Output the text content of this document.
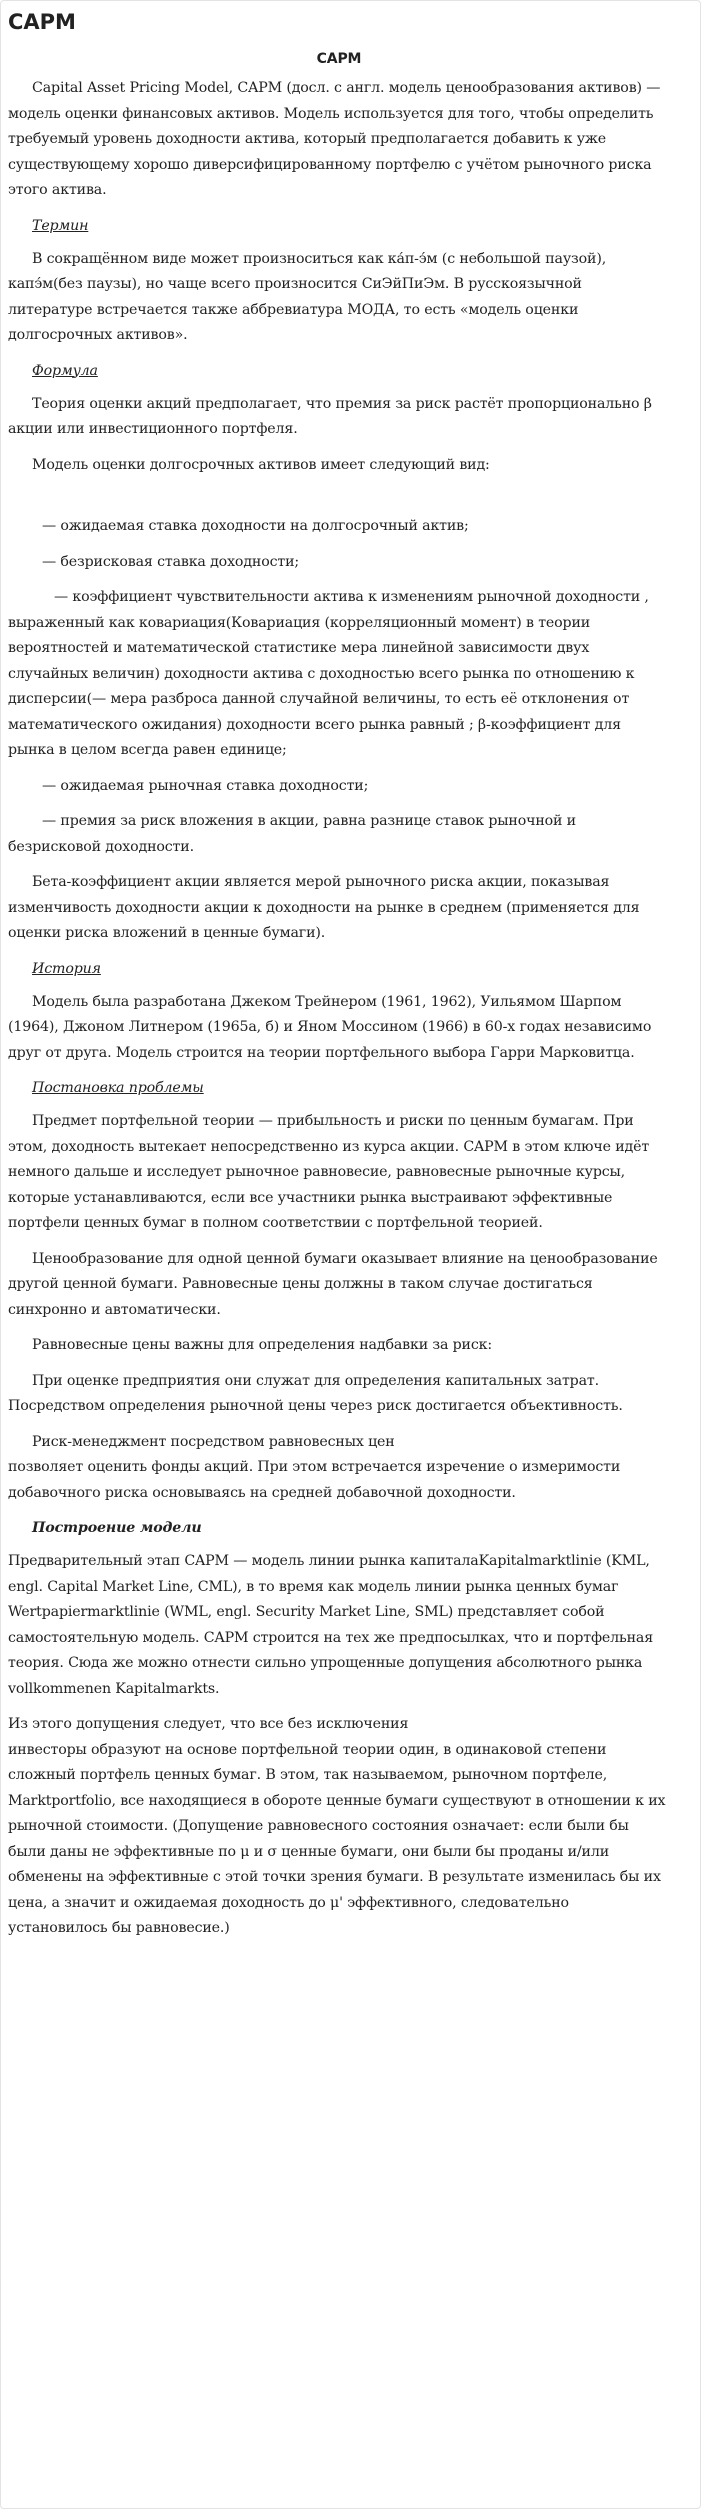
CAPM
CAPM

Capital Asset Pricing Model, CAPM (досл. с англ. модель ценообразования активов) — модель оценки финансовых активов. Модель используется для того, чтобы определить требуемый уровень доходности актива, который предполагается добавить к уже существующему хорошо диверсифицированному портфелю с учётом рыночного риска этого актива.

Термин

В сокращённом виде может произноситься как ка́п-э́м (с небольшой паузой), капэ́м(без паузы), но чаще всего произносится СиЭйПиЭм. В русскоязычной литературе встречается также аббревиатура МОДА, то есть «модель оценки долгосрочных активов».

Формула

Теория оценки акций предполагает, что премия за риск растёт пропорционально β акции или инвестиционного портфеля.

Модель оценки долгосрочных активов имеет следующий вид:

— ожидаемая ставка доходности на долгосрочный актив;

— безрисковая ставка доходности;

— коэффициент чувствительности актива к изменениям рыночной доходности , выраженный как ковариация(Ковариация (корреляционный момент) в теории вероятностей и математической статистике мера линейной зависимости двух случайных величин) доходности актива с доходностью всего рынка по отношению к дисперсии(— мера разброса данной случайной величины, то есть её отклонения от математического ожидания) доходности всего рынка равный ; β-коэффициент для рынка в целом всегда равен единице;

— ожидаемая рыночная ставка доходности;

— премия за риск вложения в акции, равна разнице ставок рыночной и безрисковой доходности.

Бета-коэффициент акции является мерой рыночного риска акции, показывая изменчивость доходности акции к доходности на рынке в среднем (применяется для оценки риска вложений в ценные бумаги).

История

Модель была разработана Джеком Трейнером (1961, 1962), Уильямом Шарпом (1964), Джоном Литнером (1965a, б) и Яном Моссином (1966) в 60-х годах независимо друг от друга. Модель строится на теории портфельного выбора Гарри Марковитца.

Постановка проблемы

Предмет портфельной теории — прибыльность и риски по ценным бумагам. При этом, доходность вытекает непосредственно из курса акции. CAPM в этом ключе идёт немного дальше и исследует рыночное равновесие, равновесные рыночные курсы, которые устанавливаются, если все участники рынка выстраивают эффективные портфели ценных бумаг в полном соответствии с портфельной теорией.

Ценообразование для одной ценной бумаги оказывает влияние на ценообразование другой ценной бумаги. Равновесные цены должны в таком случае достигаться синхронно и автоматически.

Равновесные цены важны для определения надбавки за риск:

При оценке предприятия они служат для определения капитальных затрат. Посредством определения рыночной цены через риск достигается объективность.

Риск-менеджмент посредством равновесных цен

позволяет оценить фонды акций. При этом встречается изречение о измеримости добавочного риска основываясь на средней добавочной доходности.

Построение модели

Предварительный этап CAPM — модель линии рынка капиталаKapitalmarktlinie (KML, engl. Capital Market Line, CML), в то время как модель линии рынка ценных бумаг Wertpapiermarktlinie (WML, engl. Security Market Line, SML) представляет собой самостоятельную модель. CAPM строится на тех же предпосылках, что и портфельная теория. Сюда же можно отнести сильно упрощенные допущения абсолютного рынка vollkommenen Kapitalmarkts.

Из этого допущения следует, что все без исключения

инвесторы образуют на основе портфельной теории один, в одинаковой степени сложный портфель ценных бумаг. В этом, так называемом, рыночном портфеле, Marktportfolio, все находящиеся в обороте ценные бумаги существуют в отношении к их рыночной стоимости. (Допущение равновесного состояния означает: если были бы были даны не эффективные по μ и σ ценные бумаги, они были бы проданы и/или обменены на эффективные с этой точки зрения бумаги. В результате изменилась бы их цена, а значит и ожидаемая доходность до μ' эффективного, следовательно установилось бы равновесие.)
